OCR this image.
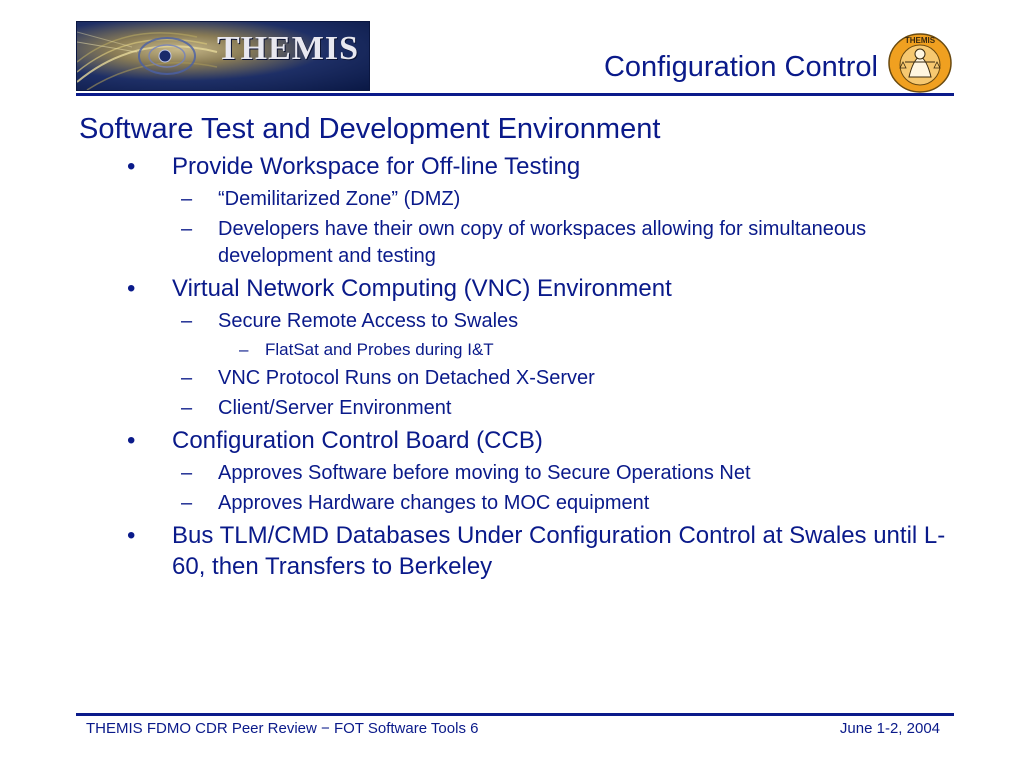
THEMIS	Configuration Control
THEMIS
Software Test and Development Environment
• Provide Workspace for Off-line Testing
– “Demilitarized Zone” (DMZ)
– Developers have their own copy of workspaces allowing for simultaneous development and testing
• Virtual Network Computing (VNC) Environment
– Secure Remote Access to Swales
– FlatSat and Probes during I&T
– VNC Protocol Runs on Detached X-Server
– Client/Server Environment
• Configuration Control Board (CCB)
– Approves Software before moving to Secure Operations Net
– Approves Hardware changes to MOC equipment
• Bus TLM/CMD Databases Under Configuration Control at Swales until L-60, then Transfers to Berkeley
THEMIS FDMO CDR Peer Review − FOT Software Tools 6	June 1-2, 2004
